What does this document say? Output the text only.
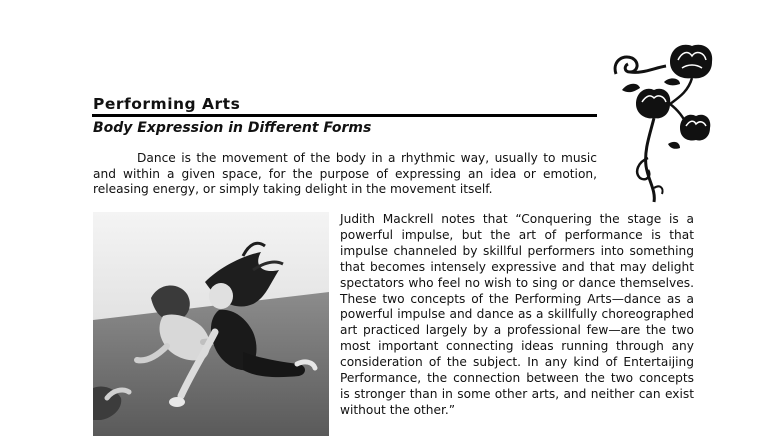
Performing Arts
Body Expression in Different Forms

Dance is the movement of the body in a rhythmic way, usually to music and within a given space, for the purpose of expressing an idea or emotion, releasing energy, or simply taking delight in the movement itself.

Judith Mackrell notes that “Conquering the stage is a powerful impulse, but the art of performance is that impulse channeled by skillful performers into something that becomes intensely expressive and that may delight spectators who feel no wish to sing or dance themselves. These two concepts of the Performing Arts—dance as a powerful impulse and dance as a skillfully choreographed art practiced largely by a professional few—are the two most important connecting ideas running through any consideration of the subject. In any kind of Entertaijing Performance, the connection between the two concepts is stronger than in some other arts, and neither can exist without the other.”
